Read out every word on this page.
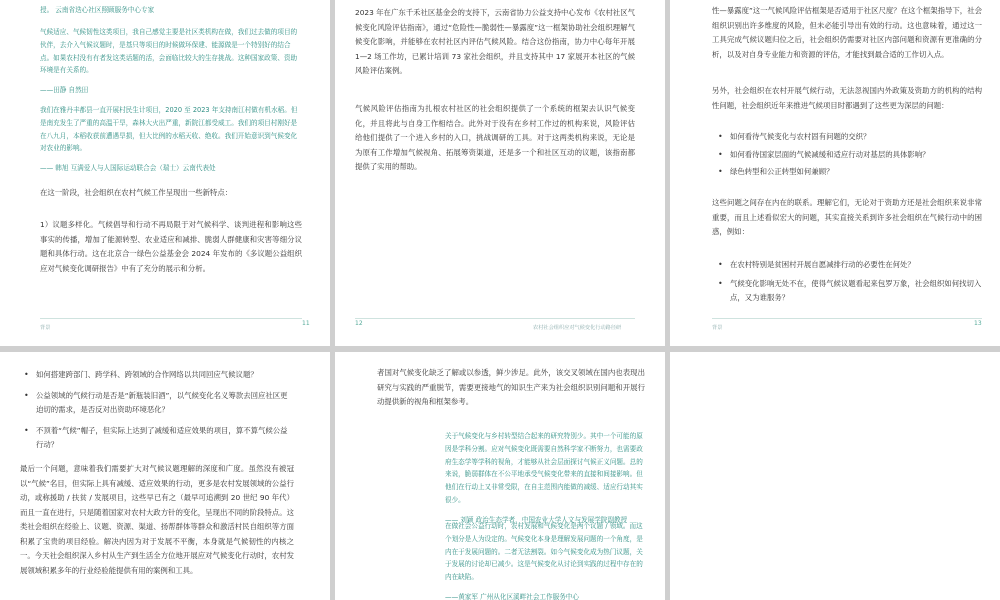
授。 云南省迭心社区照顾服务中心专家

气候适应、气候韧性这类项目，我自己感觉主要是社区类机构在做，我们过去做的项目的伙伴，去介入气候议题时，是基只等项目的时候做环保建、能源做是一个特别好的结合点。如果农村没有有者发这类话题的活，会面临比较大的生存挑战。这种国家政策、资助环境是有关系的。

——田静 自然田

我们在雅丹丰都县一直开展村民生计项目，2020 至 2023 年支持南江村做有机水稻。但是南充发生了严重的高温干旱，森林大火出严重，新院江都受威工。我们的项目村刚好是在八九月，本稻收获前遭遇旱损，但大比例的水稻天收、绝收。我们开始意识到气候变化对农业的影响。

—— 韩旭 互满爱人与人国际运动联合会（瑞士）云南代表处

在这一阶段，社会组织在农村气候工作呈现出一些新特点：

1）议题多样化。气候倡导和行动不再局限于对气候科学、谈判进程和影响这些事实的传播，增加了能源转型、农业适应和减排、脆弱人群健康和灾害等细分议题和具体行动。这在北京合一绿色公益基金会 2024 年发布的《多议题公益组织应对气候变化调研报告》中有了充分的展示和分析。

背景
11

2023 年在广东千禾社区基金会的支持下，云南省协力公益支持中心发布《农村社区气候变化风险评估指南》，通过“危险性—脆弱性—暴露度”这一框架协助社会组织理解气候变化影响，并能够在农村社区内评估气候风险。结合这份指南，协力中心每年开展 1—2 场工作坊，已累计培训 73 家社会组织，并且支持其中 17 家展开本社区的气候风险评估案例。

气候风险评估指南为扎根农村社区的社会组织提供了一个系统的框架去认识气候变化，并且将此与自身工作相结合。此外对于没有在乡村工作过的机构来说，风险评估给他们提供了一个进入乡村的入口，挑战调研的工具。对于这两类机构来说，无论是为原有工作增加气候视角、拓展筹资渠道，还是多一个和社区互动的议题，该指南都提供了实用的帮助。

12
农村社会组织应对气候变化行动路径研

性—暴露度”这一气候风险评估框架是否适用于社区尺度？在这个框架指导下，社会组织识别出许多维度的风险，但未必能引导出有效的行动。这也意味着，通过这一工具完成气候议题归位之后，社会组织仍需要对社区内部问题和资源有更准确的分析，以及对自身专业能力和资源的评估，才能找到最合适的工作切入点。

另外，社会组织在农村开展气候行动，无法忽视国内外政策及资助方的机构的结构性问题，社会组织近年来推进气候项目时都遇到了这些更为深层的问题：

• 如何看待气候变化与农村固有问题的交织？
• 如何看待国家层面的气候减缓和适应行动对基层的具体影响？
• 绿色转型和公正转型如何兼顾？

这些问题之间存在内在的联系。理解它们，无论对于资助方还是社会组织来说非常重要，而且上述看似宏大的问题，其实直接关系到许多社会组织在气候行动中的困惑，例如：

• 在农村特别是贫困村开展自愿减排行动的必要性在何处？
• 气候变化影响无处不在，使得气候议题看起来包罗万象，社会组织如何找切入点，又为谁服务？
背景
13
• 如何搭建跨部门、跨学科、跨领域的合作网络以共同回应气候议题？
• 公益领域的气候行动是否是“新瓶装旧酒”，以气候变化名义筹款去回应社区更迫切的需求，是否反对出资助环境恶化？
• 不顶着“气候”帽子，但实际上达到了减缓和适应效果的项目，算不算气候公益行动？

最后一个问题，意味着我们需要扩大对气候议题理解的深度和广度。虽然没有被冠以“气候”名目，但实际上具有减缓、适应效果的行动，更多是农村发展领域的公益行动，或称援助 / 扶贫 / 发展项目，这些早已有之（最早可追溯到 20 世纪 90 年代）而且一直在进行，只是随着国家对农村大政方针的变化，呈现出不同的阶段特点。这类社会组织在经验上、议题、资源、渠道、扬帮群体等群众和激活村民自组织等方面积累了宝贵的项目经验。解决内因为对于发展不平衡，本身就是气候韧性的内核之一。今天社会组织深入乡村从生产到生活全方位地开展应对气候变化行动时，农村发展领域积累多年的行业经验能提供有用的案例和工具。

者国对气候变化缺乏了解或以参透，鲜少涉足。此外，该交叉领域在国内也表现出研究与实践的严重脱节，需要更接地气的知识生产来为社会组织识别问题和开展行动提供新的视角和框架参考。

关于气候变化与乡村转型结合起来的研究特别少。其中一个可能的原因是学科分割。应对气候变化既需要自然科学家不断努力，也需要政府生态学等学科的视角，才能够从社会层面探讨气候正义问题。总的来说，脆弱群体在不公平地承受气候变化带来的直接和间接影响。但他们在行动上又非常受限，在自主范围内能做的减缓、适应行动其实很少。

—— 刘颖 政治生态学者，中国农业大学人文与发展学院副教授

在做社会公益行动时，农村发展和气候变化是两个议题 / 领域。而这个划分是人为设定的。气候变化本身是理解发展问题的一个角度，是内在于发展问题的。二者无法割裂。如今气候变化成为热门议题，关于发展的讨论却已减少。这是气候变化从讨论到实践的过程中存在的内在缺陷。

——黄家军 广州从化区溪畔社会工作服务中心
